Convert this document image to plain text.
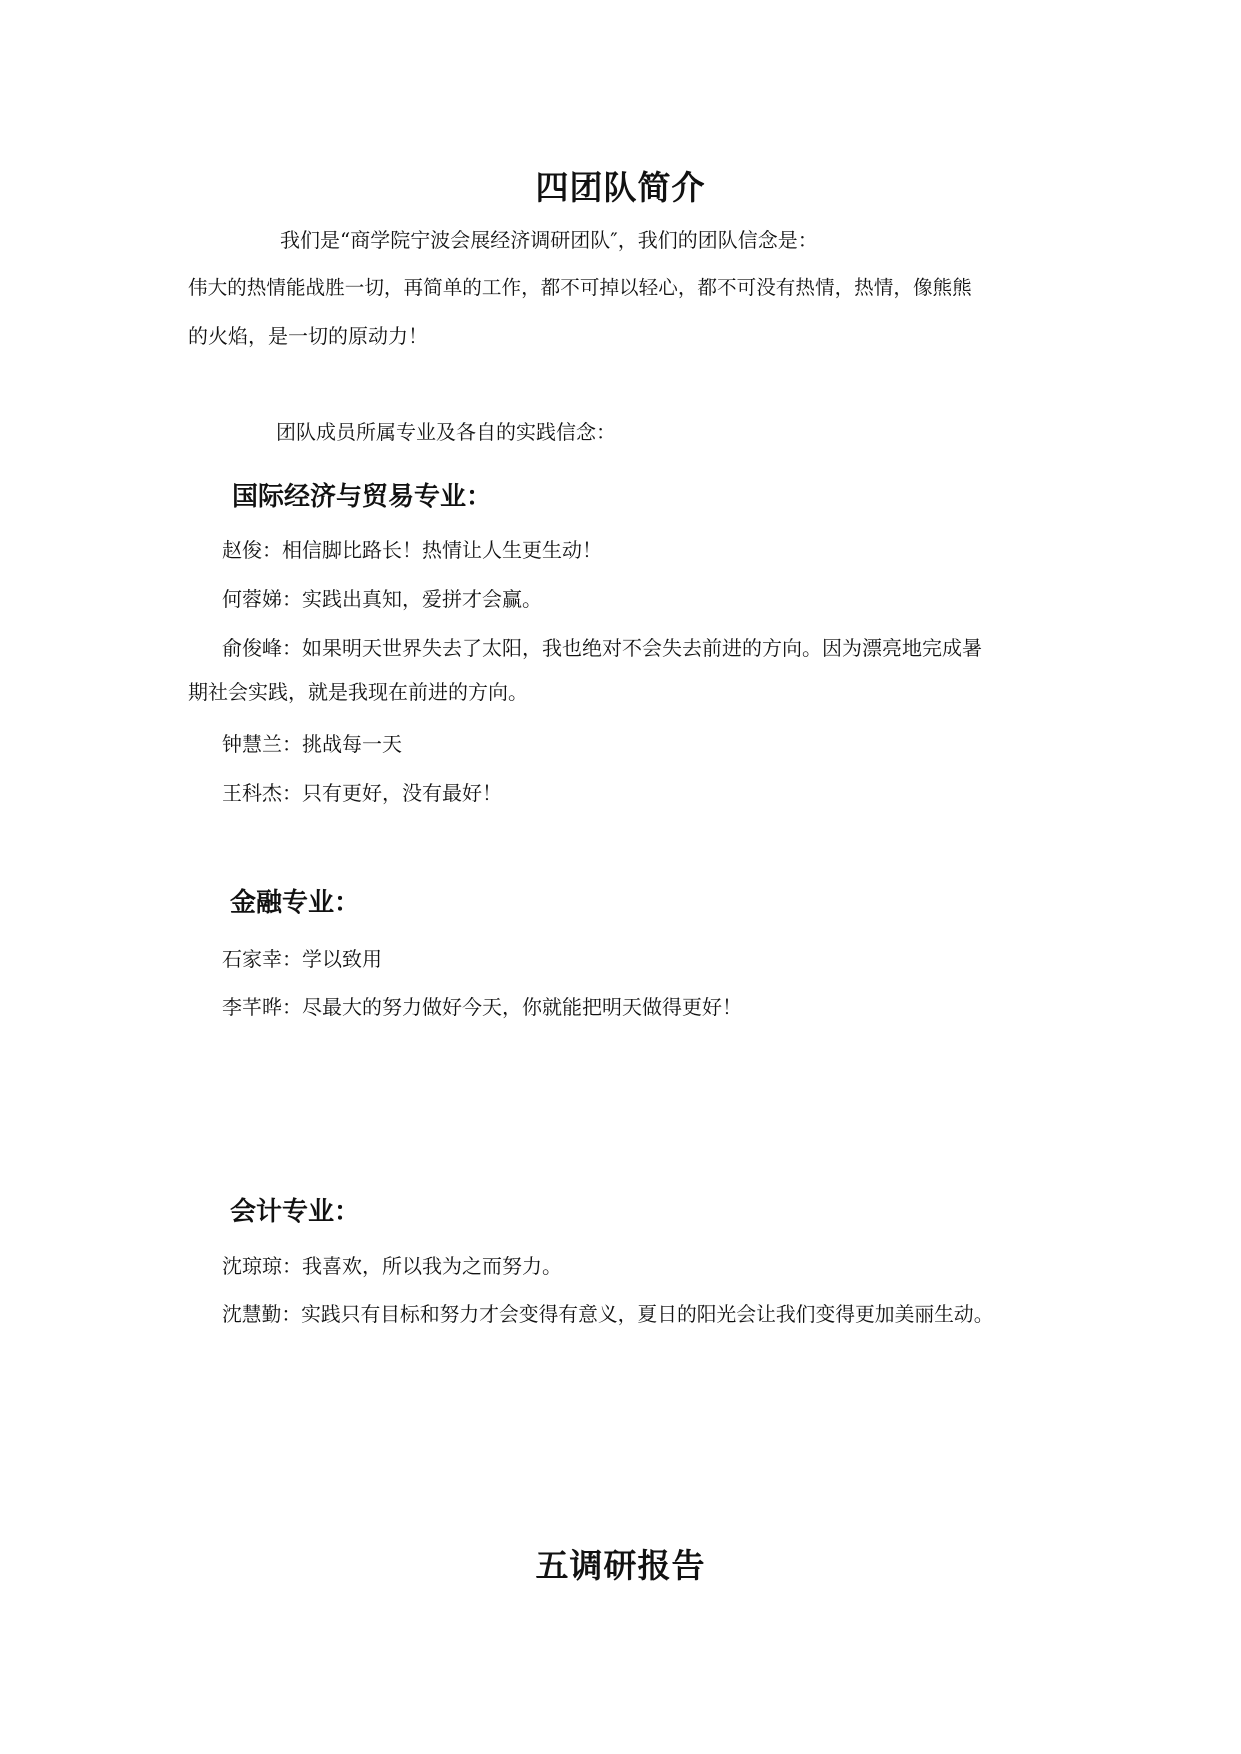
四团队简介
我们是“商学院宁波会展经济调研团队″，我们的团队信念是：
伟大的热情能战胜一切，再简单的工作，都不可掉以轻心，都不可没有热情，热情，像熊熊
的火焰，是一切的原动力！
团队成员所属专业及各自的实践信念：
国际经济与贸易专业：
赵俊：相信脚比路长！热情让人生更生动！
何蓉娣：实践出真知，爱拼才会赢。
俞俊峰：如果明天世界失去了太阳，我也绝对不会失去前进的方向。因为漂亮地完成暑
期社会实践，就是我现在前进的方向。
钟慧兰：挑战每一天
王科杰：只有更好，没有最好！
金融专业：
石家幸：学以致用
李芊晔：尽最大的努力做好今天，你就能把明天做得更好！
会计专业：
沈琼琼：我喜欢，所以我为之而努力。
沈慧勤：实践只有目标和努力才会变得有意义，夏日的阳光会让我们变得更加美丽生动。
五调研报告
